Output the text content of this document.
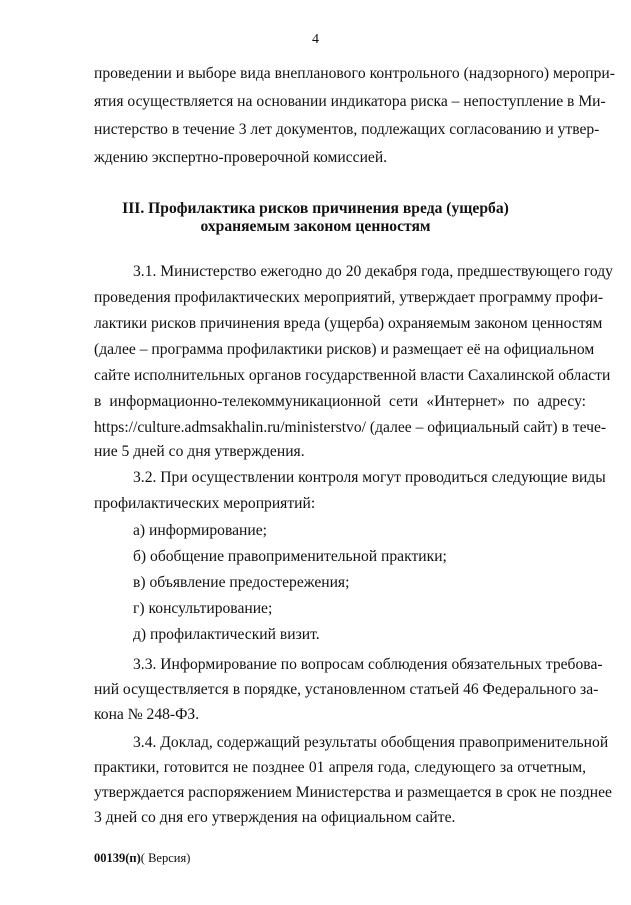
4
проведении и выборе вида внеплановогo контрольного (надзорного) меропри-
ятия осуществляется на основании индикатора риска – непоступление в Ми-
нистерство в течение 3 лет документов, подлежащих согласованию и утвер-
ждению экспертно-проверочной комиссией.
III. Профилактика рисков причинения вреда (ущерба)
охраняемым законом ценностям
3.1. Министерство ежегодно до 20 декабря года, предшествующего году
проведения профилактических мероприятий, утверждает программу профи-
лактики рисков причинения вреда (ущерба) охраняемым законом ценностям
(далее – программа профилактики рисков) и размещает её на официальном
сайте исполнительных органов государственной власти Сахалинской области
в информационно-телекоммуникационной сети «Интернет» по адресу:
https://culture.admsakhalin.ru/ministerstvo/ (далее – официальный сайт) в тече-
ние 5 дней со дня утверждения.
3.2. При осуществлении контроля могут проводиться следующие виды
профилактических мероприятий:
а) информирование;
б) обобщение правоприменительной практики;
в) объявление предостережения;
г) консультирование;
д) профилактический визит.
3.3. Информирование по вопросам соблюдения обязательных требова-
ний осуществляется в порядке, установленном статьей 46 Федерального за-
кона № 248-ФЗ.
3.4. Доклад, содержащий результаты обобщения правоприменительной
практики, готовится не позднее 01 апреля года, следующего за отчетным,
утверждается распоряжением Министерства и размещается в срок не позднее
3 дней со дня его утверждения на официальном сайте.
00139(п)( Версия)
